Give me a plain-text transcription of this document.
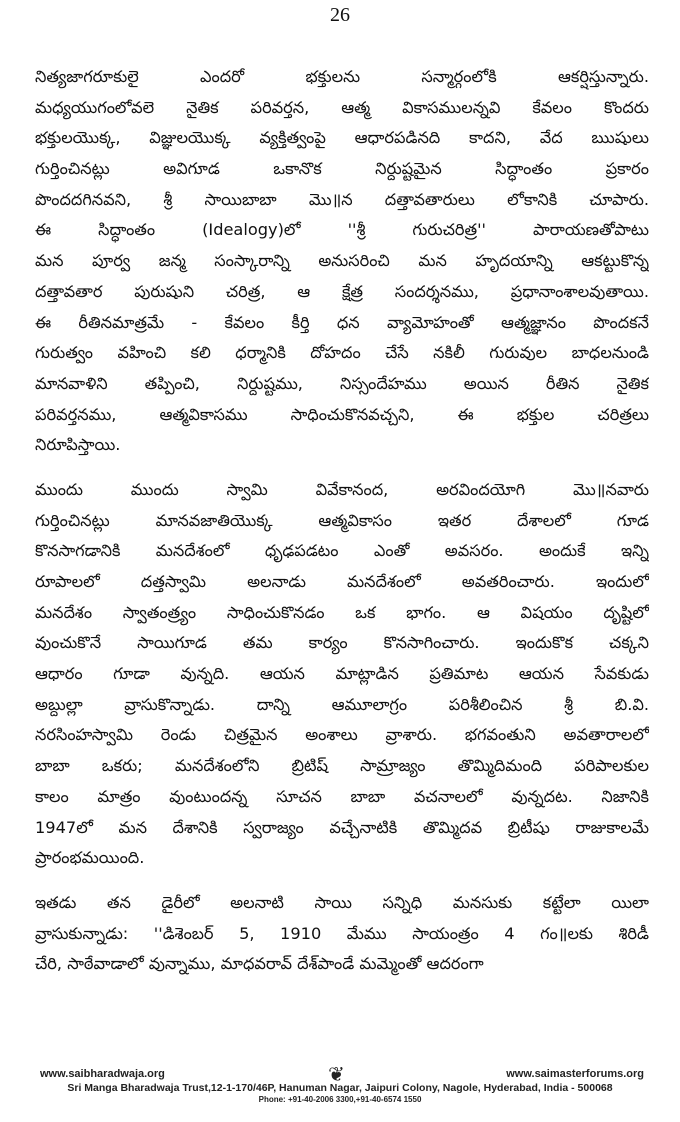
26
నిత్యజాగరూకులై ఎందరో భక్తులను సన్మార్గంలోకి ఆకర్షిస్తున్నారు.
మధ్యయుగంలోవలె నైతిక పరివర్తన, ఆత్మ వికాసములన్నవి కేవలం కొందరు
భక్తులయొక్క, విజ్ఞులయొక్క వ్యక్తిత్వంపై ఆధారపడినది కాదని, వేద ఋషులు
గుర్తించినట్లు అవిగూడ ఒకానొక నిర్దుష్టమైన సిద్ధాంతం ప్రకారం
పొందదగినవని, శ్రీ సాయిబాబా మొ॥న దత్తావతారులు లోకానికి చూపారు.
ఈ సిద్ధాంతం (Idealogy)లో ''శ్రీ గురుచరిత్ర'' పారాయణతోపాటు
మన పూర్వ జన్మ సంస్కారాన్ని అనుసరించి మన హృదయాన్ని ఆకట్టుకొన్న
దత్తావతార పురుషుని చరిత్ర, ఆ క్షేత్ర సందర్శనము, ప్రధానాంశాలవుతాయి.
ఈ రీతినమాత్రమే - కేవలం కీర్తి ధన వ్యామోహంతో ఆత్మజ్ఞానం పొందకనే
గురుత్వం వహించి కలి ధర్మానికి దోహదం చేసే నకిలీ గురువుల బాధలనుండి
మానవాళిని తప్పించి, నిర్దుష్టము, నిస్సందేహము అయిన రీతిన నైతిక
పరివర్తనము, ఆత్మవికాసము సాధించుకొనవచ్చని, ఈ భక్తుల చరిత్రలు
నిరూపిస్తాయి.
ముందు ముందు స్వామి వివేకానంద, అరవిందయోగి మొ॥నవారు
గుర్తించినట్లు మానవజాతియొక్క ఆత్మవికాసం ఇతర దేశాలలో గూడ
కొనసాగడానికి మనదేశంలో ధృఢపడటం ఎంతో అవసరం. అందుకే ఇన్ని
రూపాలలో దత్తస్వామి అలనాడు మనదేశంలో అవతరించారు. ఇందులో
మనదేశం స్వాతంత్ర్యం సాధించుకొనడం ఒక భాగం. ఆ విషయం దృష్టిలో
వుంచుకొనే సాయిగూడ తమ కార్యం కొనసాగించారు. ఇందుకొక చక్కని
ఆధారం గూడా వున్నది. ఆయన మాట్లాడిన ప్రతిమాట ఆయన సేవకుడు
అబ్దుల్లా వ్రాసుకొన్నాడు. దాన్ని ఆమూలాగ్రం పరిశీలించిన శ్రీ బి.వి.
నరసింహస్వామి రెండు చిత్రమైన అంశాలు వ్రాశారు. భగవంతుని అవతారాలలో
బాబా ఒకరు; మనదేశంలోని బ్రిటిష్ సామ్రాజ్యం తొమ్మిదిమంది పరిపాలకుల
కాలం మాత్రం వుంటుందన్న సూచన బాబా వచనాలలో వున్నదట. నిజానికి
1947లో మన దేశానికి స్వరాజ్యం వచ్చేనాటికి తొమ్మిదవ బ్రిటీషు రాజుకాలమే
ప్రారంభమయింది.
ఇతడు తన డైరీలో అలనాటి సాయి సన్నిధి మనసుకు కట్టేలా యిలా
వ్రాసుకున్నాడు: ''డిశెంబర్ 5, 1910 మేము సాయంత్రం 4 గం॥లకు శిరిడీ
చేరి, సాఠేవాడాలో వున్నాము, మాధవరావ్ దేశ్‌పాండే మమ్మెంతో ఆదరంగా
www.saibharadwaja.org	❦	www.saimasterforums.org
Sri Manga Bharadwaja Trust,12-1-170/46P, Hanuman Nagar, Jaipuri Colony, Nagole, Hyderabad, India - 500068
Phone: +91-40-2006 3300,+91-40-6574 1550
